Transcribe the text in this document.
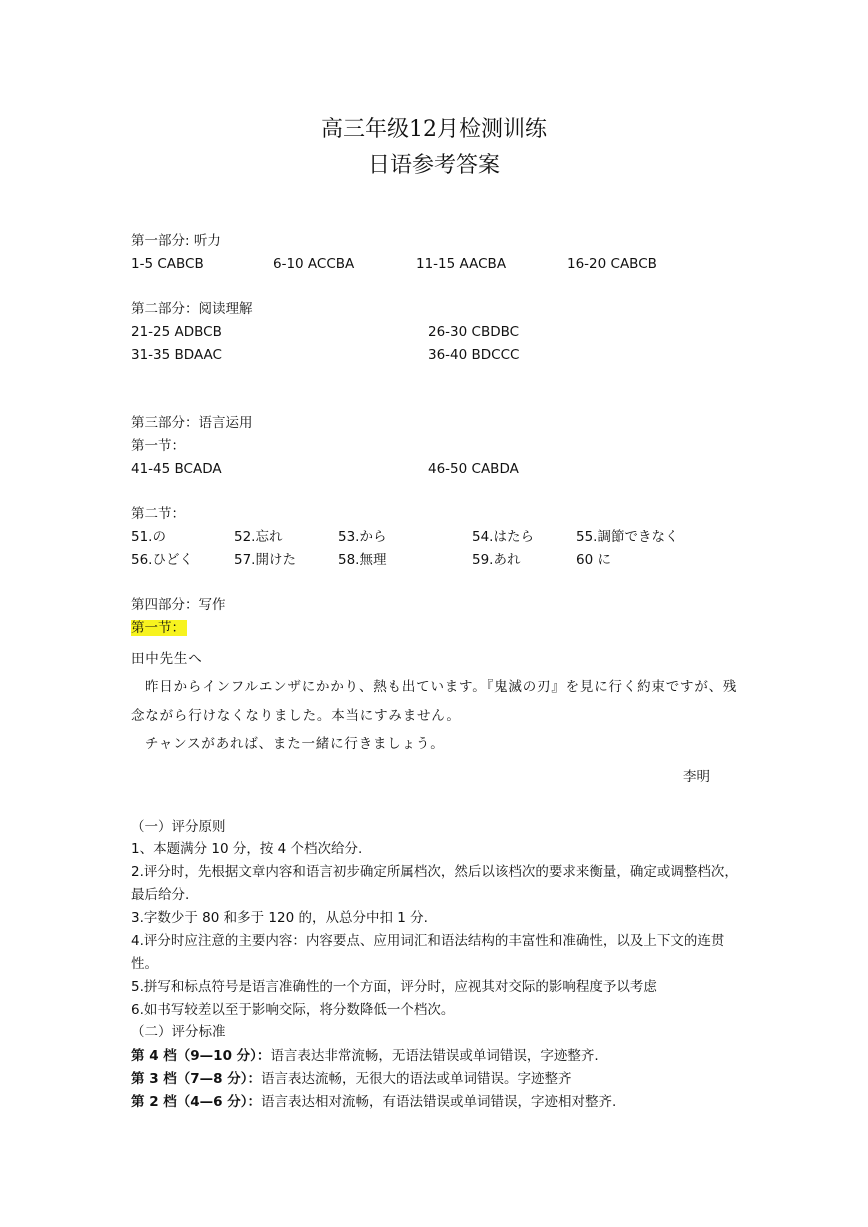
高三年级12月检测训练
日语参考答案
第一部分: 听力
1-5 CABCB	6-10 ACCBA	11-15 AACBA	16-20 CABCB
第二部分：阅读理解
21-25 ADBCB	26-30 CBDBC
31-35 BDAAC	36-40 BDCCC
第三部分：语言运用
第一节：
41-45 BCADA	46-50 CABDA
第二节：
51.の	52.忘れ	53.から	54.はたら	55.調節できなく
56.ひどく	57.開けた	58.無理	59.あれ	60 に
第四部分：写作
第一节：
田中先生へ
昨日からインフルエンザにかかり、熱も出ています。『鬼滅の刃』を見に行く約束ですが、残念ながら行けなくなりました。本当にすみません。
チャンスがあれば、また一緒に行きましょう。
李明
（一）评分原则
1、本题满分 10 分，按 4 个档次给分.
2.评分时，先根据文章内容和语言初步确定所属档次，然后以该档次的要求来衡量，确定或调整档次，最后给分.
3.字数少于 80 和多于 120 的，从总分中扣 1 分.
4.评分时应注意的主要内容：内容要点、应用词汇和语法结构的丰富性和准确性，以及上下文的连贯性。
5.拼写和标点符号是语言准确性的一个方面，评分时，应视其对交际的影响程度予以考虑
6.如书写较差以至于影响交际，将分数降低一个档次。
（二）评分标准
第 4 档（9—10 分）：语言表达非常流畅，无语法错误或单词错误，字迹整齐.
第 3 档（7—8 分）：语言表达流畅，无很大的语法或单词错误。字迹整齐
第 2 档（4—6 分）：语言表达相对流畅，有语法错误或单词错误，字迹相对整齐.
